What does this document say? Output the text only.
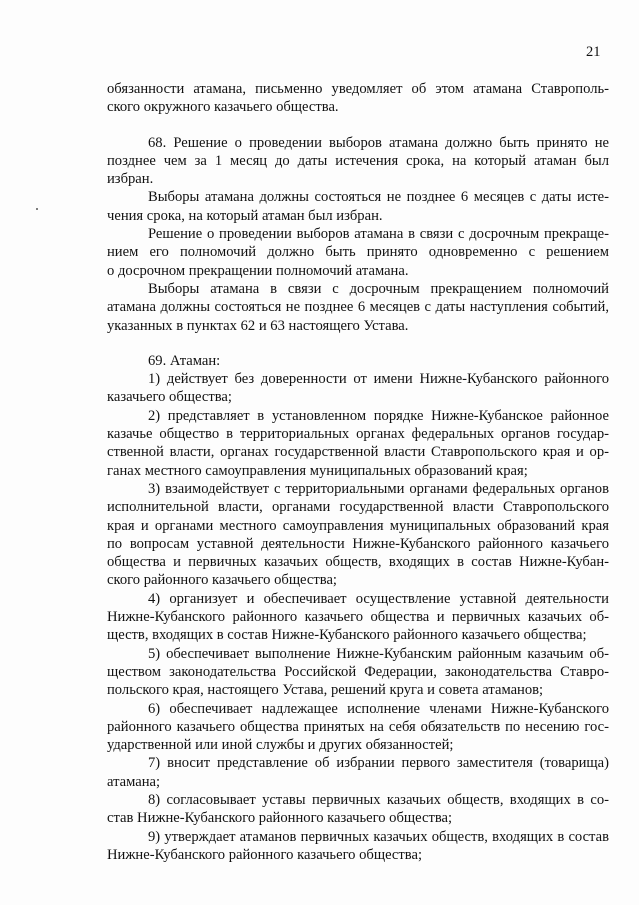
21
обязанности атамана, письменно уведомляет об этом атамана Ставрополь-
ского окружного казачьего общества.
68. Решение о проведении выборов атамана должно быть принято не
позднее чем за 1 месяц до даты истечения срока, на который атаман был
избран.
Выборы атамана должны состояться не позднее 6 месяцев с даты исте-
чения срока, на который атаман был избран.
Решение о проведении выборов атамана в связи с досрочным прекраще-
нием его полномочий должно быть принято одновременно с решением
о досрочном прекращении полномочий атамана.
Выборы атамана в связи с досрочным прекращением полномочий
атамана должны состояться не позднее 6 месяцев с даты наступления событий,
указанных в пунктах 62 и 63 настоящего Устава.
69. Атаман:
1) действует без доверенности от имени Нижне-Кубанского районного
казачьего общества;
2) представляет в установленном порядке Нижне-Кубанское районное
казачье общество в территориальных органах федеральных органов государ-
ственной власти, органах государственной власти Ставропольского края и ор-
ганах местного самоуправления муниципальных образований края;
3) взаимодействует с территориальными органами федеральных органов
исполнительной власти, органами государственной власти Ставропольского
края и органами местного самоуправления муниципальных образований края
по вопросам уставной деятельности Нижне-Кубанского районного казачьего
общества и первичных казачьих обществ, входящих в состав Нижне-Кубан-
ского районного казачьего общества;
4) организует и обеспечивает осуществление уставной деятельности
Нижне-Кубанского районного казачьего общества и первичных казачьих об-
ществ, входящих в состав Нижне-Кубанского районного казачьего общества;
5) обеспечивает выполнение Нижне-Кубанским районным казачьим об-
ществом законодательства Российской Федерации, законодательства Ставро-
польского края, настоящего Устава, решений круга и совета атаманов;
6) обеспечивает надлежащее исполнение членами Нижне-Кубанского
районного казачьего общества принятых на себя обязательств по несению гос-
ударственной или иной службы и других обязанностей;
7) вносит представление об избрании первого заместителя (товарища)
атамана;
8) согласовывает уставы первичных казачьих обществ, входящих в со-
став Нижне-Кубанского районного казачьего общества;
9) утверждает атаманов первичных казачьих обществ, входящих в состав
Нижне-Кубанского районного казачьего общества;
